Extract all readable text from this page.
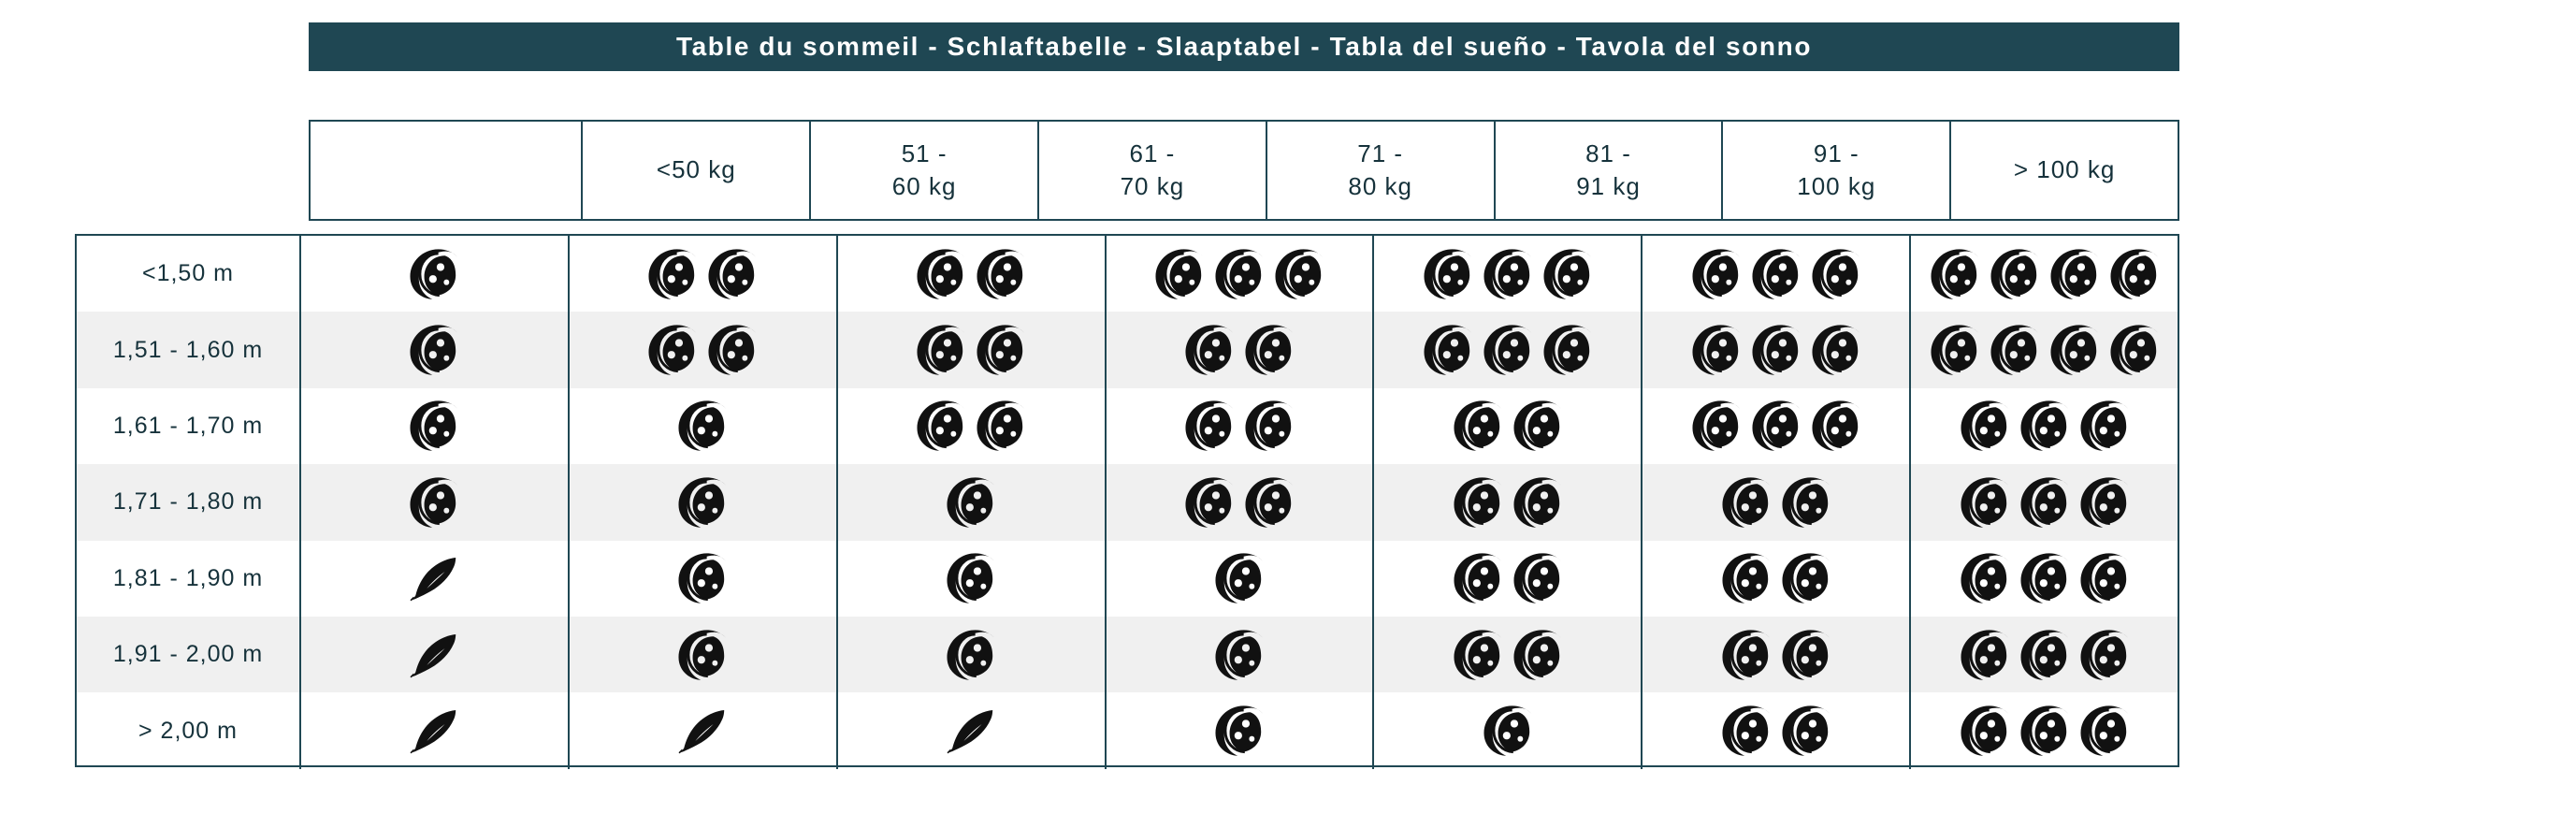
Table du sommeil - Schlaftabelle - Slaaptabel - Tabla del sueño - Tavola del sonno
<50 kg
51 -
60 kg
61 -
70 kg
71 -
80 kg
81 -
91 kg
91 -
100 kg
> 100 kg
<1,50 m
1,51 - 1,60 m
1,61 - 1,70 m
1,71 - 1,80 m
1,81 - 1,90 m
1,91 - 2,00 m
> 2,00 m
